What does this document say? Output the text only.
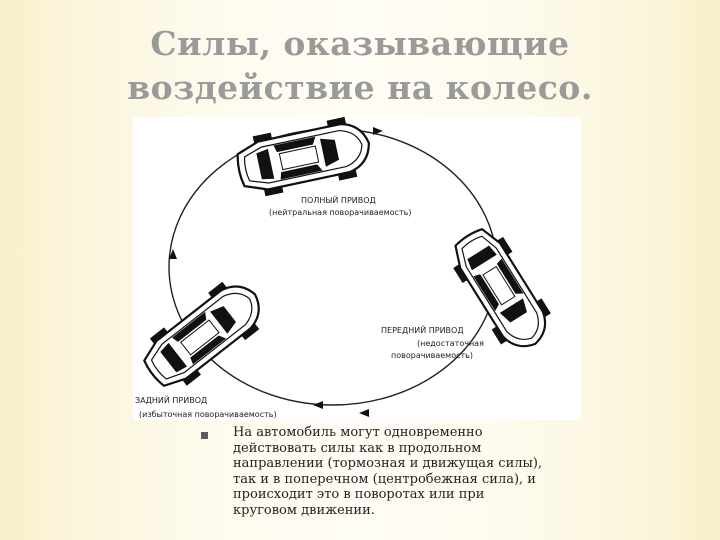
Силы, оказывающие
воздействие на колесо.
ПОЛНЫЙ ПРИВОД
(нейтральная поворачиваемость)
ПЕРЕДНИЙ ПРИВОД
(недостаточная
поворачиваемость)
ЗАДНИЙ ПРИВОД
(избыточная поворачиваемость)
На автомобиль могут одновременно
действовать силы как в продольном
направлении (тормозная и движущая силы),
так и в поперечном (центробежная сила), и
происходит это в поворотах или при
круговом движении.
